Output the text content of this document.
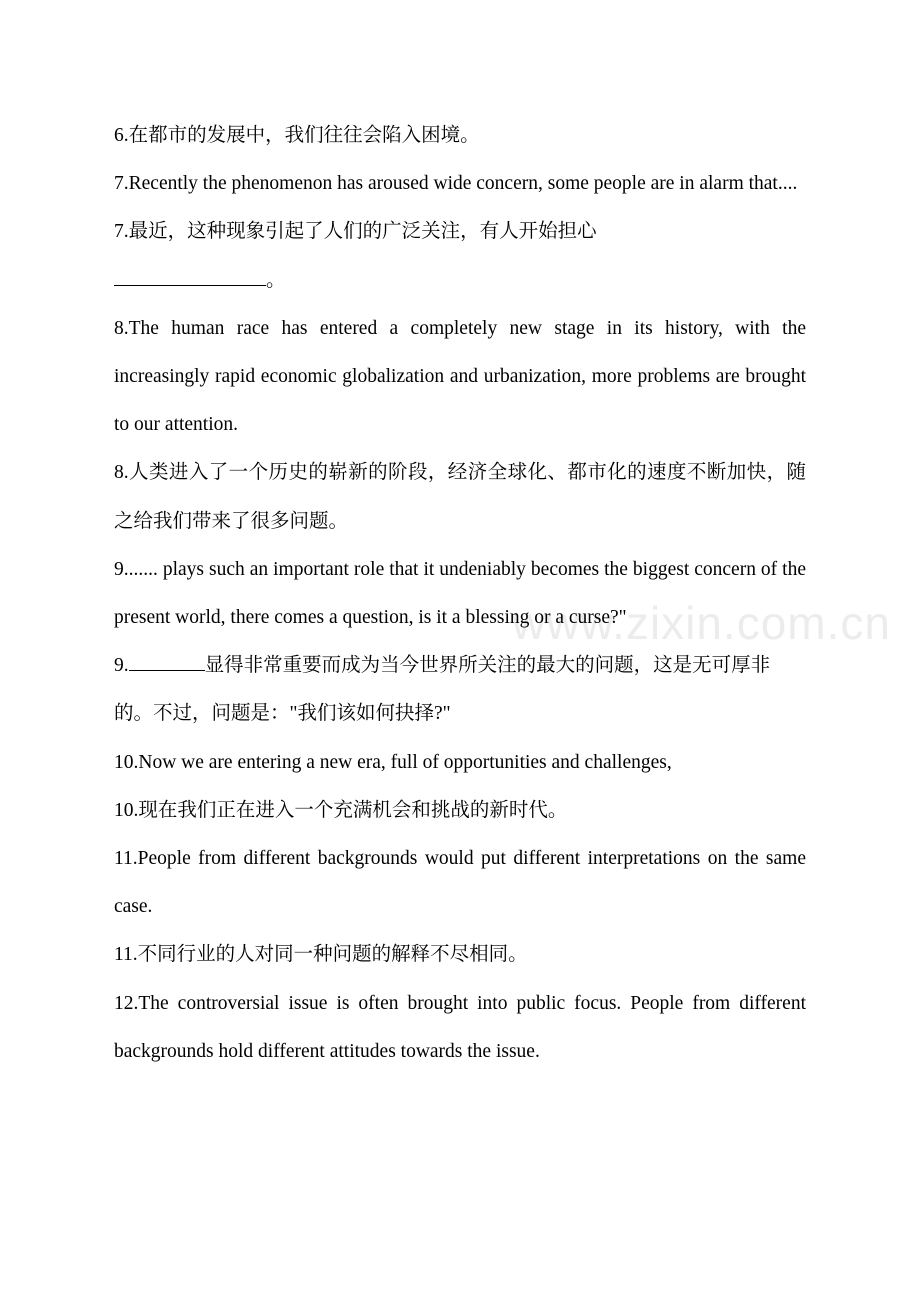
www.zixin.com.cn

6.在都市的发展中，我们往往会陷入困境。

7.Recently the phenomenon has aroused wide concern, some people are in alarm that....

7.最近，这种现象引起了人们的广泛关注，有人开始担心

。

8.The human race has entered a completely new stage in its history, with the increasingly rapid economic globalization and urbanization, more problems are brought to our attention.

8.人类进入了一个历史的崭新的阶段，经济全球化、都市化的速度不断加快，随之给我们带来了很多问题。

9....... plays such an important role that it undeniably becomes the biggest concern of the present world, there comes a question, is it a blessing or a curse?"

9.	显得非常重要而成为当今世界所关注的最大的问题，这是无可厚非的。不过，问题是："我们该如何抉择?"

10.Now we are entering a new era, full of opportunities and challenges,

10.现在我们正在进入一个充满机会和挑战的新时代。

11.People from different backgrounds would put different interpretations on the same case.

11.不同行业的人对同一种问题的解释不尽相同。

12.The controversial issue is often brought into public focus. People from different backgrounds hold different attitudes towards the issue.
